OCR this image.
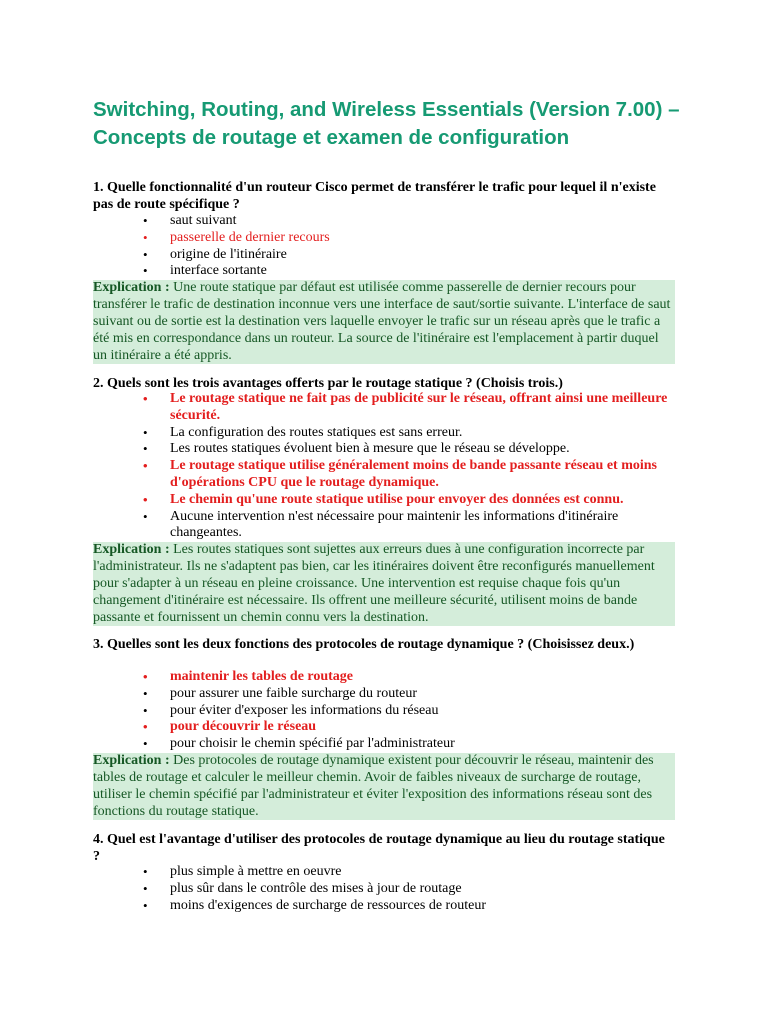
Switching, Routing, and Wireless Essentials (Version 7.00) – Concepts de routage et examen de configuration

1. Quelle fonctionnalité d'un routeur Cisco permet de transférer le trafic pour lequel il n'existe pas de route spécifique ?

• saut suivant
• passerelle de dernier recours
• origine de l'itinéraire
• interface sortante

Explication : Une route statique par défaut est utilisée comme passerelle de dernier recours pour transférer le trafic de destination inconnue vers une interface de saut/sortie suivante. L'interface de saut suivant ou de sortie est la destination vers laquelle envoyer le trafic sur un réseau après que le trafic a été mis en correspondance dans un routeur. La source de l'itinéraire est l'emplacement à partir duquel un itinéraire a été appris.

2. Quels sont les trois avantages offerts par le routage statique ? (Choisis trois.)

• Le routage statique ne fait pas de publicité sur le réseau, offrant ainsi une meilleure sécurité.
• La configuration des routes statiques est sans erreur.
• Les routes statiques évoluent bien à mesure que le réseau se développe.
• Le routage statique utilise généralement moins de bande passante réseau et moins d'opérations CPU que le routage dynamique.
• Le chemin qu'une route statique utilise pour envoyer des données est connu.
• Aucune intervention n'est nécessaire pour maintenir les informations d'itinéraire changeantes.

Explication : Les routes statiques sont sujettes aux erreurs dues à une configuration incorrecte par l'administrateur. Ils ne s'adaptent pas bien, car les itinéraires doivent être reconfigurés manuellement pour s'adapter à un réseau en pleine croissance. Une intervention est requise chaque fois qu'un changement d'itinéraire est nécessaire. Ils offrent une meilleure sécurité, utilisent moins de bande passante et fournissent un chemin connu vers la destination.

3. Quelles sont les deux fonctions des protocoles de routage dynamique ? (Choisissez deux.)

• maintenir les tables de routage
• pour assurer une faible surcharge du routeur
• pour éviter d'exposer les informations du réseau
• pour découvrir le réseau
• pour choisir le chemin spécifié par l'administrateur

Explication : Des protocoles de routage dynamique existent pour découvrir le réseau, maintenir des tables de routage et calculer le meilleur chemin. Avoir de faibles niveaux de surcharge de routage, utiliser le chemin spécifié par l'administrateur et éviter l'exposition des informations réseau sont des fonctions du routage statique.

4. Quel est l'avantage d'utiliser des protocoles de routage dynamique au lieu du routage statique ?

• plus simple à mettre en oeuvre
• plus sûr dans le contrôle des mises à jour de routage
• moins d'exigences de surcharge de ressources de routeur
